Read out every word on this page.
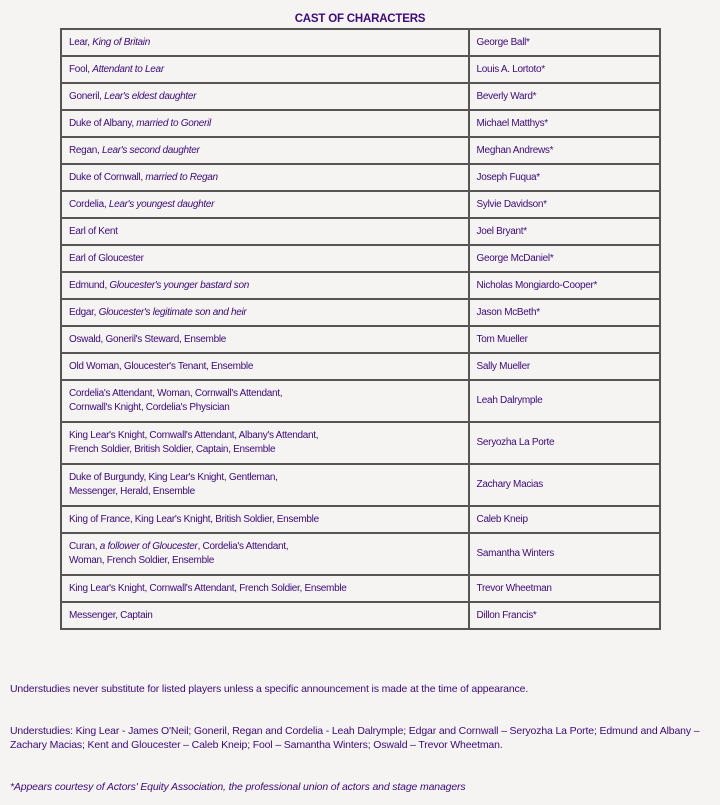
CAST OF CHARACTERS
Lear, King of Britain	George Ball*
Fool, Attendant to Lear	Louis A. Lortoto*
Goneril, Lear's eldest daughter	Beverly Ward*
Duke of Albany, married to Goneril	Michael Matthys*
Regan, Lear's second daughter	Meghan Andrews*
Duke of Cornwall, married to Regan	Joseph Fuqua*
Cordelia, Lear's youngest daughter	Sylvie Davidson*
Earl of Kent	Joel Bryant*
Earl of Gloucester	George McDaniel*
Edmund, Gloucester's younger bastard son	Nicholas Mongiardo-Cooper*
Edgar, Gloucester's legitimate son and heir	Jason McBeth*
Oswald, Goneril's Steward, Ensemble	Tom Mueller
Old Woman, Gloucester's Tenant, Ensemble	Sally Mueller
Cordelia's Attendant, Woman, Cornwall's Attendant,
Cornwall's Knight, Cordelia's Physician	Leah Dalrymple
King Lear's Knight, Cornwall's Attendant, Albany's Attendant,
French Soldier, British Soldier, Captain, Ensemble	Seryozha La Porte
Duke of Burgundy, King Lear's Knight, Gentleman,
Messenger, Herald, Ensemble	Zachary Macias
King of France, King Lear's Knight, British Soldier, Ensemble	Caleb Kneip
Curan, a follower of Gloucester, Cordelia's Attendant,
Woman, French Soldier, Ensemble	Samantha Winters
King Lear's Knight, Cornwall's Attendant, French Soldier, Ensemble	Trevor Wheetman
Messenger, Captain	Dillon Francis*
Understudies never substitute for listed players unless a specific announcement is made at the time of appearance.
Understudies: King Lear - James O'Neil; Goneril, Regan and Cordelia - Leah Dalrymple; Edgar and Cornwall – Seryozha La Porte; Edmund and Albany – Zachary Macias; Kent and Gloucester – Caleb Kneip; Fool – Samantha Winters; Oswald – Trevor Wheetman.
*Appears courtesy of Actors' Equity Association, the professional union of actors and stage managers
